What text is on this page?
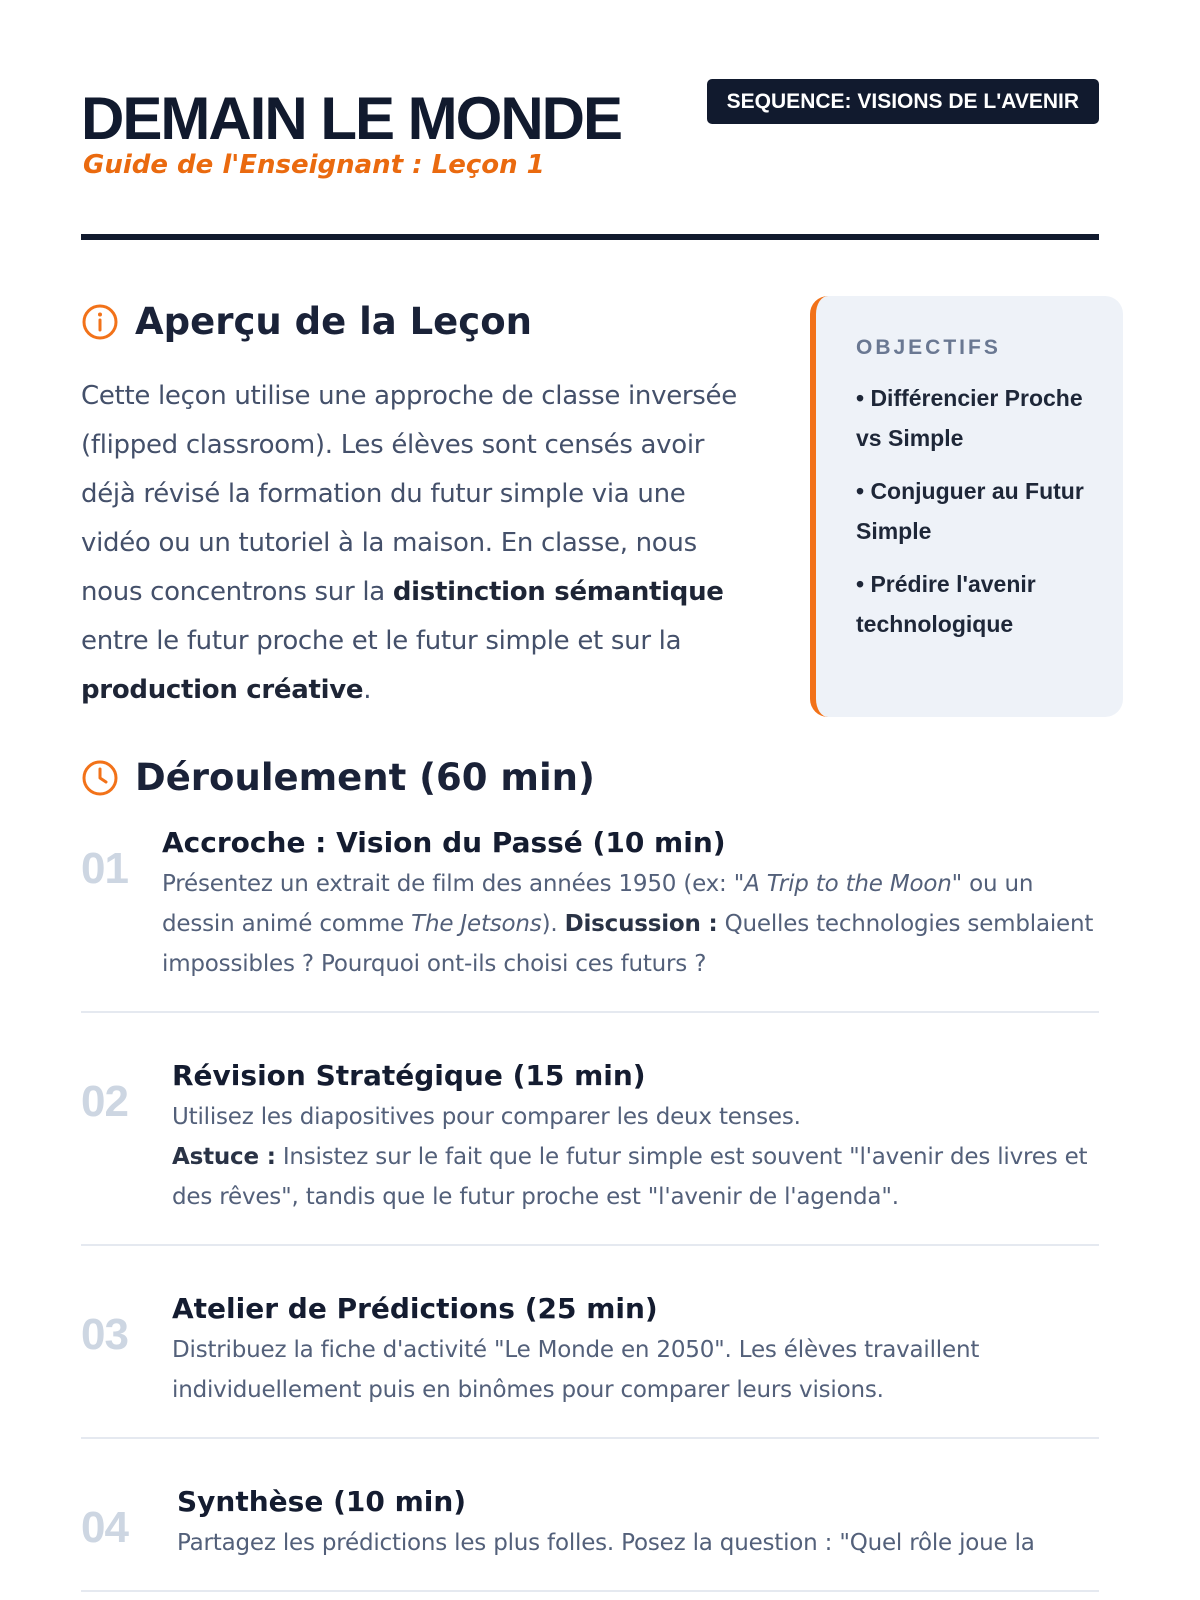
DEMAIN LE MONDE
Guide de l'Enseignant : Leçon 1
SEQUENCE: VISIONS DE L'AVENIR
Aperçu de la Leçon

Cette leçon utilise une approche de classe inversée (flipped classroom). Les élèves sont censés avoir déjà révisé la formation du futur simple via une vidéo ou un tutoriel à la maison. En classe, nous nous concentrons sur la distinction sémantique entre le futur proche et le futur simple et sur la production créative.

OBJECTIFS
• Différencier Proche vs Simple
• Conjuguer au Futur Simple
• Prédire l'avenir technologique
Déroulement (60 min)
01
Accroche : Vision du Passé (10 min)
Présentez un extrait de film des années 1950 (ex: "A Trip to the Moon" ou un dessin animé comme The Jetsons). Discussion : Quelles technologies semblaient impossibles ? Pourquoi ont-ils choisi ces futurs ?
02
Révision Stratégique (15 min)
Utilisez les diapositives pour comparer les deux tenses.
Astuce : Insistez sur le fait que le futur simple est souvent "l'avenir des livres et des rêves", tandis que le futur proche est "l'avenir de l'agenda".
03
Atelier de Prédictions (25 min)
Distribuez la fiche d'activité "Le Monde en 2050". Les élèves travaillent individuellement puis en binômes pour comparer leurs visions.
04
Synthèse (10 min)
Partagez les prédictions les plus folles. Posez la question : "Quel rôle joue la
